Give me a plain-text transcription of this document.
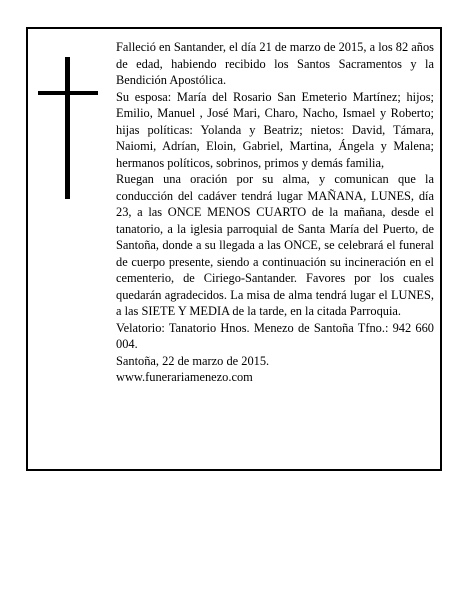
Falleció en Santander, el día 21 de marzo de 2015, a los 82 años de edad, habiendo recibido los Santos Sacramentos y la Bendición Apostólica.

Su esposa: María del Rosario San Emeterio Martínez; hijos; Emilio, Manuel , José Mari, Charo, Nacho, Ismael y Roberto; hijas políticas: Yolanda y Beatriz; nietos: David, Támara, Naiomi, Adrían, Eloin, Gabriel, Martina, Ángela y Malena; hermanos políticos, sobrinos, primos y demás familia,

Ruegan una oración por su alma, y comunican que la conducción del cadáver tendrá lugar MAÑANA, LUNES, día 23, a las ONCE MENOS CUARTO de la mañana, desde el tanatorio, a la iglesia parroquial de Santa María del Puerto, de Santoña, donde a su llegada a las ONCE, se celebrará el funeral de cuerpo presente, siendo a continuación su incineración en el cementerio, de Ciriego-Santander. Favores por los cuales quedarán agradecidos. La misa de alma tendrá lugar el LUNES, a las SIETE Y MEDIA de la tarde, en la citada Parroquia.

Velatorio: Tanatorio Hnos. Menezo de Santoña Tfno.: 942 660 004.

Santoña, 22 de marzo de 2015.

www.funerariamenezo.com
